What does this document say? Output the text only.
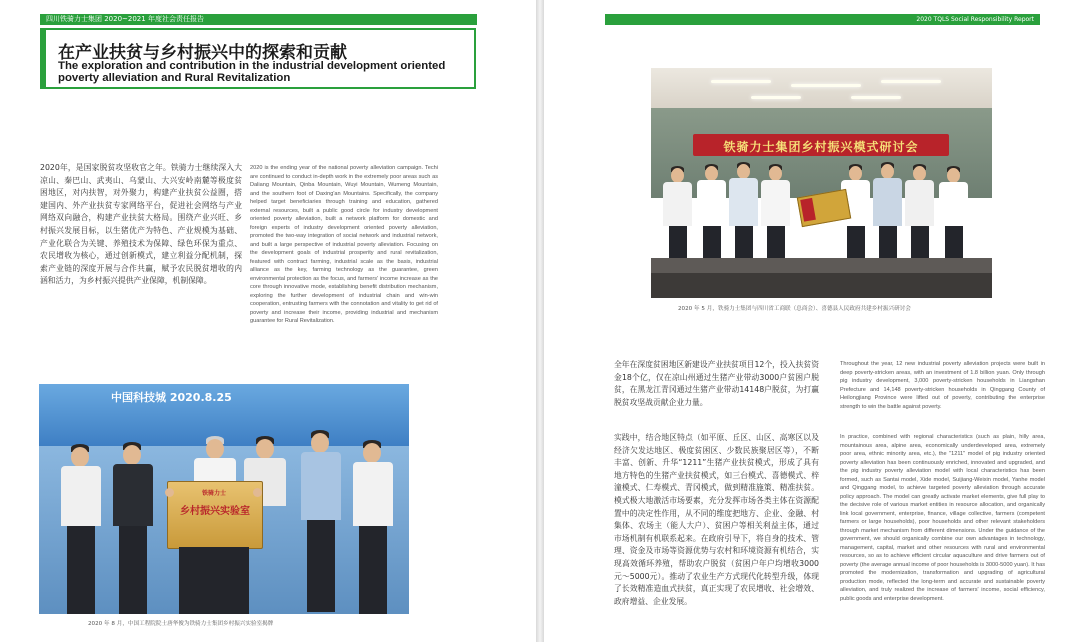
四川铁骑力士集团 2020~2021 年度社会责任报告
在产业扶贫与乡村振兴中的探索和贡献
The exploration and contribution in the industrial development oriented poverty alleviation and Rural Revitalization
2020年，是国家脱贫攻坚收官之年。铁骑力士继续深入大凉山、秦巴山、武夷山、乌蒙山、大兴安岭南麓等极度贫困地区，对内扶智，对外聚力，构建产业扶贫公益圈，搭建国内、外产业扶贫专家网络平台，促进社会网络与产业网络双向融合，构建产业扶贫大格局。围绕产业兴旺、乡村振兴发展目标，以生猪优产为特色、产业规模为基础、产业化联合为关键、养殖技术为保障、绿色环保为重点、农民增收为核心，通过创新模式，建立利益分配机制，探索产业链的深度开展与合作共赢，赋予农民脱贫增收的内涵和活力，为乡村振兴提供产业保障，机制保障。
2020 is the ending year of the national poverty alleviation campaign. Techi are continued to conduct in-depth work in the extremely poor areas such as Daliang Mountain, Qinba Mountain, Wuyi Mountain, Wumeng Mountain, and the southern foot of Daxing'an Mountains. Specifically, the company helped target beneficiaries through training and education, gathered external resources, built a public good circle for industry development oriented poverty alleviation, built a network platform for domestic and foreign experts of industry development oriented poverty alleviation, promoted the two-way integration of social network and industrial network, and built a large perspective of industrial poverty alleviation. Focusing on the development goals of industrial prosperity and rural revitalization, featured with contract farming, industrial scale as the basis, industrial alliance as the key, farming technology as the guarantee, green environmental protection as the focus, and farmers' income increase as the core through innovative mode, establishing benefit distribution mechanism, exploring the further development of industrial chain and win-win cooperation, entrusting farmers with the connotation and vitality to get rid of poverty and increase their income, providing industrial and mechanism guarantee for Rural Revitalization.
中国科技城 2020.8.25
铁骑力士
乡村振兴实验室
2020 年 8 月，中国工程院院士唐华俊为铁骑力士集团乡村振兴实验室揭牌
2020 TQLS Social Responsibility Report
铁骑力士集团乡村振兴模式研讨会
2020 年 5 月，铁骑力士集团与四川省工商联（总商会）、喜德县人民政府共建乡村振兴研讨会
全年在深度贫困地区新建设产业扶贫项目12个，投入扶贫资金18个亿，仅在凉山州通过生猪产业带动3000户贫困户脱贫，在黑龙江青冈通过生猪产业带动14148户脱贫，为打赢脱贫攻坚战贡献企业力量。
Throughout the year, 12 new industrial poverty alleviation projects were built in deep poverty-stricken areas, with an investment of 1.8 billion yuan. Only through pig industry development, 3,000 poverty-stricken households in Liangshan Prefecture and 14,148 poverty-stricken households in Qinggang County of Heilongjiang Province were lifted out of poverty, contributing the enterprise strength to win the battle against poverty.
实践中，结合地区特点（如平原、丘区、山区、高寒区以及经济欠发达地区、极度贫困区、少数民族聚居区等），不断丰富、创新、升华“1211”生猪产业扶贫模式，形成了具有地方特色的生猪产业扶贫模式，如三台模式、喜德模式、梓潼模式、仁寿模式、青冈模式，做到精准施策、精准扶贫。模式极大地激活市场要素，充分发挥市场各类主体在资源配置中的决定性作用，从不同的维度把地方、企业、金融、村集体、农场主（能人大户）、贫困户等相关利益主体，通过市场机制有机联系起来。在政府引导下，将自身的技术、管理、资金及市场等资源优势与农村和环境资源有机结合，实现高效循环养殖，帮助农户脱贫（贫困户年户均增收3000元～5000元）。推动了农业生产方式现代化转型升级，体现了长效精准造血式扶贫，真正实现了农民增收、社会增效、政府增益、企业发展。
In practice, combined with regional characteristics (such as plain, hilly area, mountainous area, alpine area, economically underdeveloped area, extremely poor area, ethnic minority area, etc.), the "1211" model of pig industry oriented poverty alleviation has been continuously enriched, innovated and upgraded, and the pig industry poverty alleviation model with local characteristics has been formed, such as Santai model, Xide model, Suijiang-Weixin model, Yanhe model and Qinggang model, to achieve targeted poverty alleviation through accurate policy approach. The model can greatly activate market elements, give full play to the decisive role of various market entities in resource allocation, and organically link local government, enterprise, finance, village collective, farmers (competent farmers or large households), poor households and other relevant stakeholders through market mechanism from different dimensions. Under the guidance of the government, we should organically combine our own advantages in technology, management, capital, market and other resources with rural and environmental resources, so as to achieve efficient circular aquaculture and drive farmers out of poverty (the average annual income of poor households is 3000-5000 yuan). It has promoted the modernization, transformation and upgrading of agricultural production mode, reflected the long-term and accurate and sustainable poverty alleviation, and truly realized the increase of farmers' income, social efficiency, public goods and enterprise development.
